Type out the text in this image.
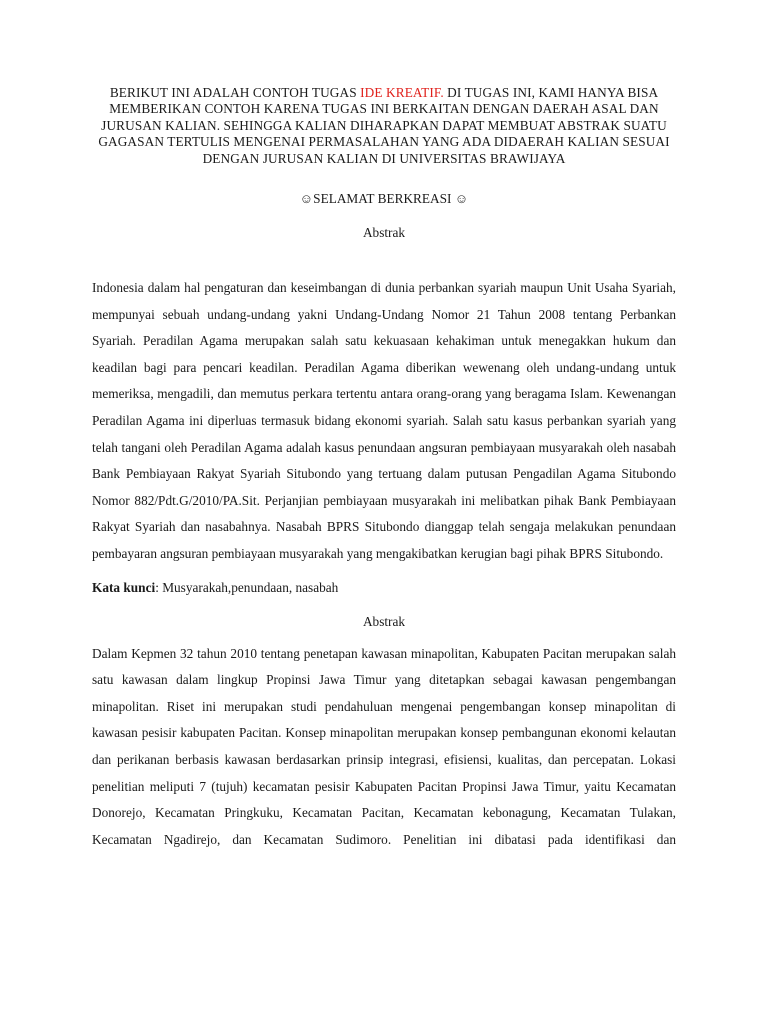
BERIKUT INI ADALAH CONTOH TUGAS IDE KREATIF. DI TUGAS INI, KAMI HANYA BISA MEMBERIKAN CONTOH KARENA TUGAS INI BERKAITAN DENGAN DAERAH ASAL DAN JURUSAN KALIAN. SEHINGGA KALIAN DIHARAPKAN DAPAT MEMBUAT ABSTRAK SUATU GAGASAN TERTULIS MENGENAI PERMASALAHAN YANG ADA DIDAERAH KALIAN SESUAI DENGAN JURUSAN KALIAN DI UNIVERSITAS BRAWIJAYA
☺SELAMAT BERKREASI ☺
Abstrak
Indonesia dalam hal pengaturan dan keseimbangan di dunia perbankan syariah maupun Unit Usaha Syariah, mempunyai sebuah undang-undang yakni Undang-Undang Nomor 21 Tahun 2008 tentang Perbankan Syariah. Peradilan Agama merupakan salah satu kekuasaan kehakiman untuk menegakkan hukum dan keadilan bagi para pencari keadilan. Peradilan Agama diberikan wewenang oleh undang-undang untuk memeriksa, mengadili, dan memutus perkara tertentu antara orang-orang yang beragama Islam. Kewenangan Peradilan Agama ini diperluas termasuk bidang ekonomi syariah. Salah satu kasus perbankan syariah yang telah tangani oleh Peradilan Agama adalah kasus penundaan angsuran pembiayaan musyarakah oleh nasabah Bank Pembiayaan Rakyat Syariah Situbondo yang tertuang dalam putusan Pengadilan Agama Situbondo Nomor 882/Pdt.G/2010/PA.Sit. Perjanjian pembiayaan musyarakah ini melibatkan pihak Bank Pembiayaan Rakyat Syariah dan nasabahnya. Nasabah BPRS Situbondo dianggap telah sengaja melakukan penundaan pembayaran angsuran pembiayaan musyarakah yang mengakibatkan kerugian bagi pihak BPRS Situbondo.
Kata kunci: Musyarakah,penundaan, nasabah
Abstrak
Dalam Kepmen 32 tahun 2010 tentang penetapan kawasan minapolitan, Kabupaten Pacitan merupakan salah satu kawasan dalam lingkup Propinsi Jawa Timur yang ditetapkan sebagai kawasan pengembangan minapolitan. Riset ini merupakan studi pendahuluan mengenai pengembangan konsep minapolitan di kawasan pesisir kabupaten Pacitan. Konsep minapolitan merupakan konsep pembangunan ekonomi kelautan dan perikanan berbasis kawasan berdasarkan prinsip integrasi, efisiensi, kualitas, dan percepatan. Lokasi penelitian meliputi 7 (tujuh) kecamatan pesisir Kabupaten Pacitan Propinsi Jawa Timur, yaitu Kecamatan Donorejo, Kecamatan Pringkuku, Kecamatan Pacitan, Kecamatan kebonagung, Kecamatan Tulakan, Kecamatan Ngadirejo, dan Kecamatan Sudimoro. Penelitian ini dibatasi pada identifikasi dan
